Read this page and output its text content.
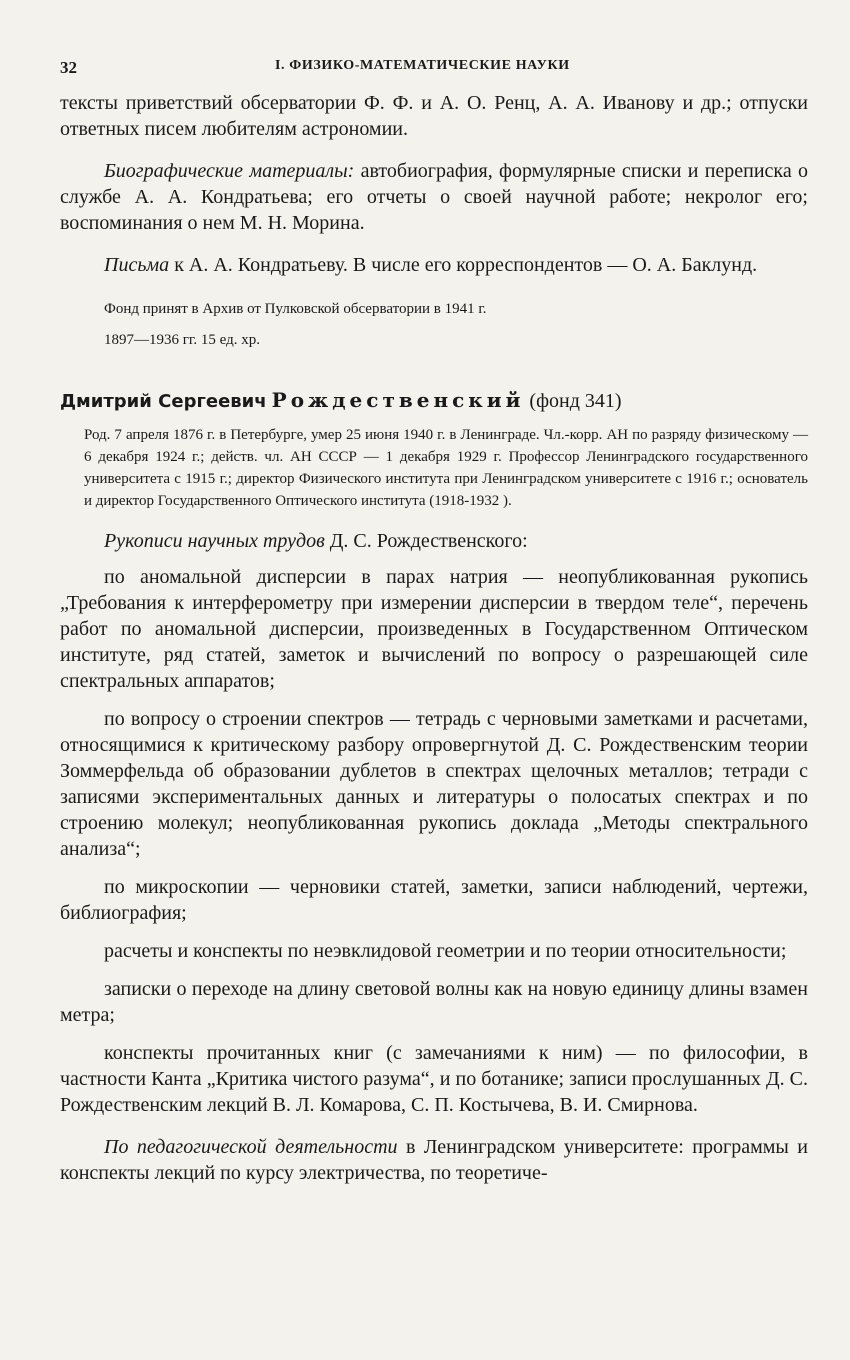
32	I. ФИЗИКО-МАТЕМАТИЧЕСКИЕ НАУКИ

тексты приветствий обсерватории Ф. Ф. и А. О. Ренц, А. А. Иванову и др.; отпуски ответных писем любителям астрономии.

Биографические материалы: автобиография, формулярные списки и переписка о службе А. А. Кондратьева; его отчеты о своей научной работе; некролог его; воспоминания о нем М. Н. Морина.

Письма к А. А. Кондратьеву. В числе его корреспондентов — О. А. Баклунд.

Фонд принят в Архив от Пулковской обсерватории в 1941 г.
1897—1936 гг. 15 ед. хр.
Дмитрий Сергеевич Рождественский (фонд 341)

Род. 7 апреля 1876 г. в Петербурге, умер 25 июня 1940 г. в Ленинграде. Чл.-корр. АН по разряду физическому — 6 декабря 1924 г.; действ. чл. АН СССР — 1 декабря 1929 г. Профессор Ленинградского государственного университета с 1915 г.; директор Физического института при Ленинградском университете с 1916 г.; основатель и директор Государственного Оптического института (1918-1932 ).

Рукописи научных трудов Д. С. Рождественского:

по аномальной дисперсии в парах натрия — неопубликованная рукопись „Требования к интерферометру при измерении дисперсии в твердом теле“, перечень работ по аномальной дисперсии, произведенных в Государственном Оптическом институте, ряд статей, заметок и вычислений по вопросу о разрешающей силе спектральных аппаратов;

по вопросу о строении спектров — тетрадь с черновыми заметками и расчетами, относящимися к критическому разбору опровергнутой Д. С. Рождественским теории Зоммерфельда об образовании дублетов в спектрах щелочных металлов; тетради с записями экспериментальных данных и литературы о полосатых спектрах и по строению молекул; неопубликованная рукопись доклада „Методы спектрального анализа“;

по микроскопии — черновики статей, заметки, записи наблюдений, чертежи, библиография;

расчеты и конспекты по неэвклидовой геометрии и по теории относительности;

записки о переходе на длину световой волны как на новую единицу длины взамен метра;

конспекты прочитанных книг (с замечаниями к ним) — по философии, в частности Канта „Критика чистого разума“, и по ботанике; записи прослушанных Д. С. Рождественским лекций В. Л. Комарова, С. П. Костычева, В. И. Смирнова.

По педагогической деятельности в Ленинградском университете: программы и конспекты лекций по курсу электричества, по теоретиче-
